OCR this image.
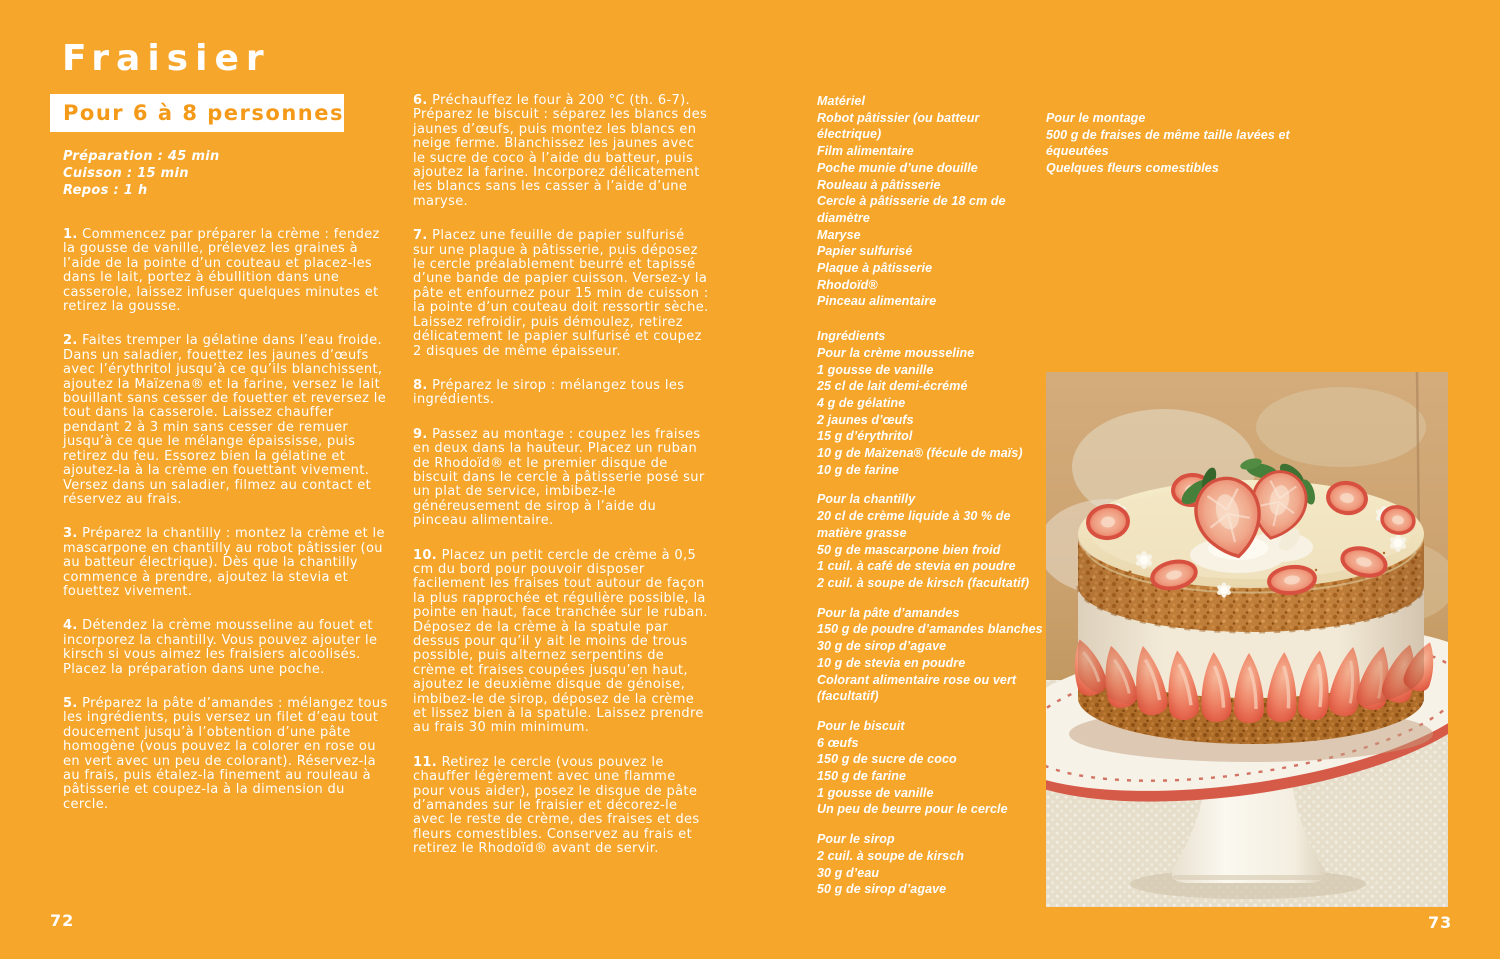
Fraisier
Pour 6 à 8 personnes
Préparation : 45 min
Cuisson : 15 min
Repos : 1 h

1. Commencez par préparer la crème : fendez la gousse de vanille, prélevez les graines à l’aide de la pointe d’un couteau et placez-les dans le lait, portez à ébullition dans une casserole, laissez infuser quelques minutes et retirez la gousse.

2. Faites tremper la gélatine dans l’eau froide. Dans un saladier, fouettez les jaunes d’œufs avec l’érythritol jusqu’à ce qu’ils blanchissent, ajoutez la Maïzena® et la farine, versez le lait bouillant sans cesser de fouetter et reversez le tout dans la casserole. Laissez chauffer pendant 2 à 3 min sans cesser de remuer jusqu’à ce que le mélange épaississe, puis retirez du feu. Essorez bien la gélatine et ajoutez-la à la crème en fouettant vivement. Versez dans un saladier, filmez au contact et réservez au frais.

3. Préparez la chantilly : montez la crème et le mascarpone en chantilly au robot pâtissier (ou au batteur électrique). Dès que la chantilly commence à prendre, ajoutez la stevia et fouettez vivement.

4. Détendez la crème mousseline au fouet et incorporez la chantilly. Vous pouvez ajouter le kirsch si vous aimez les fraisiers alcoolisés. Placez la préparation dans une poche.

5. Préparez la pâte d’amandes : mélangez tous les ingrédients, puis versez un filet d’eau tout doucement jusqu’à l’obtention d’une pâte homogène (vous pouvez la colorer en rose ou en vert avec un peu de colorant). Réservez-la au frais, puis étalez-la finement au rouleau à pâtisserie et coupez-la à la dimension du cercle.

6. Préchauffez le four à 200 °C (th. 6-7). Préparez le biscuit : séparez les blancs des jaunes d’œufs, puis montez les blancs en neige ferme. Blanchissez les jaunes avec le sucre de coco à l’aide du batteur, puis ajoutez la farine. Incorporez délicatement les blancs sans les casser à l’aide d’une maryse.

7. Placez une feuille de papier sulfurisé sur une plaque à pâtisserie, puis déposez le cercle préalablement beurré et tapissé d’une bande de papier cuisson. Versez-y la pâte et enfournez pour 15 min de cuisson : la pointe d’un couteau doit ressortir sèche. Laissez refroidir, puis démoulez, retirez délicatement le papier sulfurisé et coupez 2 disques de même épaisseur.

8. Préparez le sirop : mélangez tous les ingrédients.

9. Passez au montage : coupez les fraises en deux dans la hauteur. Placez un ruban de Rhodoïd® et le premier disque de biscuit dans le cercle à pâtisserie posé sur un plat de service, imbibez-le généreusement de sirop à l’aide du pinceau alimentaire.

10. Placez un petit cercle de crème à 0,5 cm du bord pour pouvoir disposer facilement les fraises tout autour de façon la plus rapprochée et régulière possible, la pointe en haut, face tranchée sur le ruban. Déposez de la crème à la spatule par dessus pour qu’il y ait le moins de trous possible, puis alternez serpentins de crème et fraises coupées jusqu’en haut, ajoutez le deuxième disque de génoise, imbibez-le de sirop, déposez de la crème et lissez bien à la spatule. Laissez prendre au frais 30 min minimum.

11. Retirez le cercle (vous pouvez le chauffer légèrement avec une flamme pour vous aider), posez le disque de pâte d’amandes sur le fraisier et décorez-le avec le reste de crème, des fraises et des fleurs comestibles. Conservez au frais et retirez le Rhodoïd® avant de servir.

Matériel
Robot pâtissier (ou batteur électrique)
Film alimentaire
Poche munie d’une douille
Rouleau à pâtisserie
Cercle à pâtisserie de 18 cm de diamètre
Maryse
Papier sulfurisé
Plaque à pâtisserie
Rhodoïd®
Pinceau alimentaire
Ingrédients
Pour la crème mousseline
1 gousse de vanille
25 cl de lait demi-écrémé
4 g de gélatine
2 jaunes d’œufs
15 g d’érythritol
10 g de Maïzena® (fécule de maïs)
10 g de farine
Pour la chantilly
20 cl de crème liquide à 30 % de matière grasse
50 g de mascarpone bien froid
1 cuil. à café de stevia en poudre
2 cuil. à soupe de kirsch (facultatif)
Pour la pâte d’amandes
150 g de poudre d’amandes blanches
30 g de sirop d’agave
10 g de stevia en poudre
Colorant alimentaire rose ou vert (facultatif)
Pour le biscuit
6 œufs
150 g de sucre de coco
150 g de farine
1 gousse de vanille
Un peu de beurre pour le cercle
Pour le sirop
2 cuil. à soupe de kirsch
30 g d’eau
50 g de sirop d’agave
Pour le montage
500 g de fraises de même taille lavées et équeutées
Quelques fleurs comestibles
72	73
